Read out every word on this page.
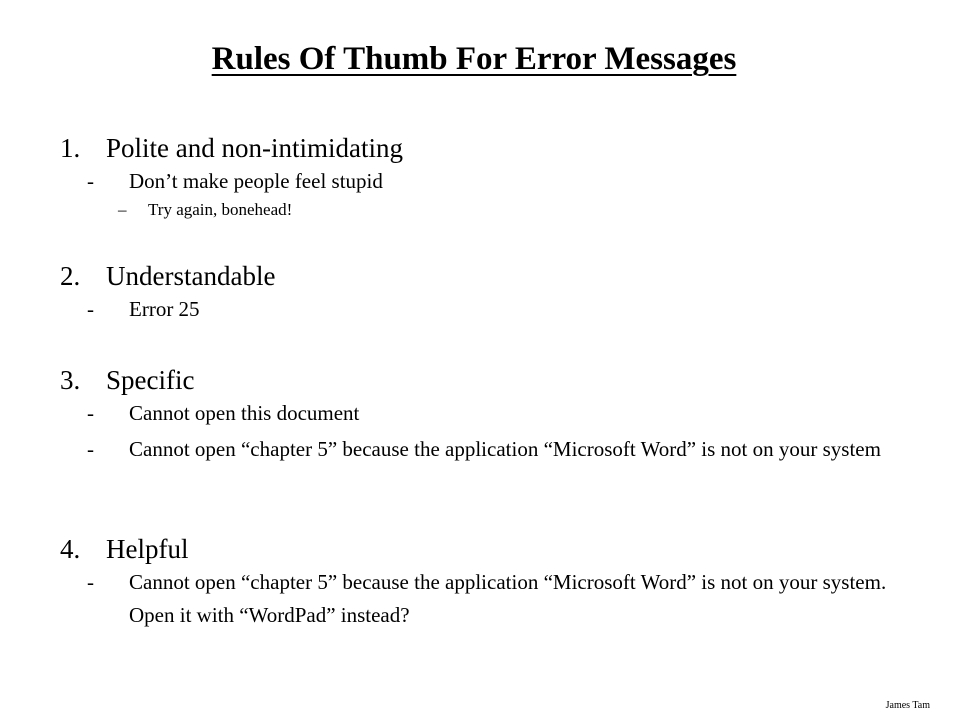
Rules Of Thumb For Error Messages
1. Polite and non-intimidating
- Don’t make people feel stupid
– Try again, bonehead!
2. Understandable
- Error 25
3. Specific
- Cannot open this document
- Cannot open “chapter 5” because the application “Microsoft Word” is not on your system
4. Helpful
- Cannot open “chapter 5” because the application “Microsoft Word” is not on your system. Open it with “WordPad” instead?
James Tam
